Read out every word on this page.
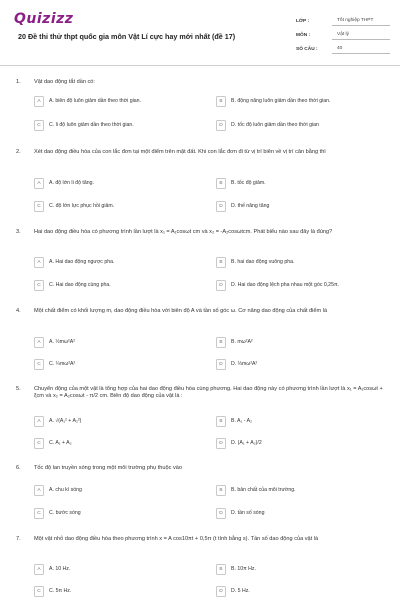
Quizizz
20 Đề thi thử thpt quốc gia môn Vật Lí cực hay mới nhất (đề 17)
LỚP :	Tốt nghiệp THPT
MÔN :	Vật lý
SỐ CÂU :	40
1. Vật dao động tắt dần có:
A	A. biên độ luôn giảm dần theo thời gian.	B	B. động năng luôn giảm dần theo thời gian.
C	C. li độ luôn giảm dần theo thời gian.	D	D. tốc độ luôn giảm dần theo thời gian
2. Xét dao động điều hòa của con lắc đơn tại một điểm trên mặt đất. Khi con lắc đơn đi từ vị trí biên về vị trí cân bằng thì
A	A. độ lớn li độ tăng.	B	B. tốc độ giảm.
C	C. độ lớn lực phục hồi giảm.	D	D. thế năng tăng
3. Hai dao động điều hòa có phương trình lần lượt là x₁ = A₁cosωt cm và x₂ = -A₂cosωtcm. Phát biểu nào sau đây là đúng?
A	A. Hai dao động ngược pha.	B	B. hai dao động vuông pha.
C	C. Hai dao động cùng pha.	D	D. Hai dao động lệch pha nhau một góc 0,25π.
4. Một chất điểm có khối lượng m, dao động điều hòa với biên độ A và tần số góc ω. Cơ năng dao động của chất điểm là
A	A. ½mω²A²	B	B. mω²A²
C	C. ¼mω²A²	D	D. ⅓mω²A²
5. Chuyển động của một vật là tổng hợp của hai dao động điều hòa cùng phương. Hai dao động này có phương trình lần lượt là x₁ = A₁cosωt + ξcm và x₂ = A₂cosωt - π/2 cm. Biên độ dao động của vật là :
A	A. √(A₁² + A₂²)	B	B. A₁ - A₂
C	C. A₁ + A₂	D	D. (A₁ + A₂)/2
6. Tốc độ lan truyền sóng trong một môi trường phụ thuộc vào
A	A. chu kì sóng	B	B. bản chất của môi trường.
C	C. bước sóng	D	D. tần số sóng
7. Một vật nhỏ dao động điều hòa theo phương trình x = A cos10πt + 0,5π (t tính bằng s). Tần số dao động của vật là
A	A. 10 Hz.	B	B. 10π Hz.
C	C. 5π Hz.	D	D. 5 Hz.
